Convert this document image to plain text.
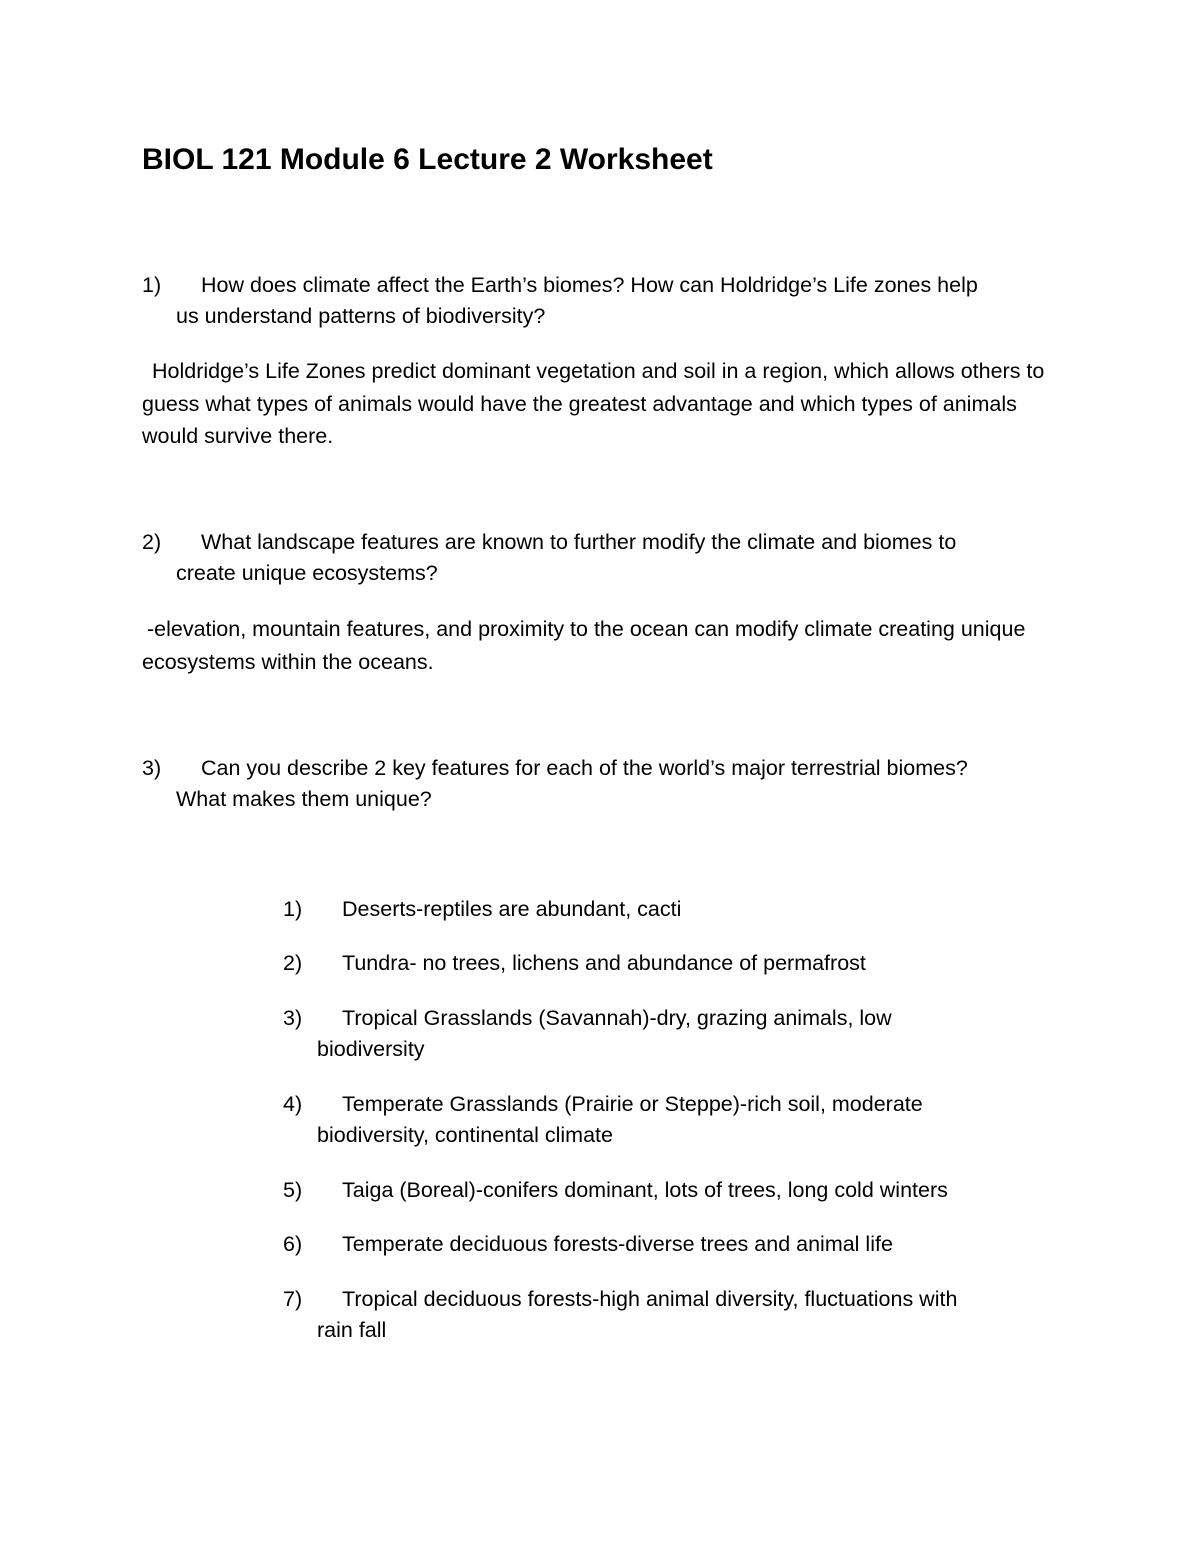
BIOL 121 Module 6 Lecture 2 Worksheet
1)	How does climate affect the Earth’s biomes? How can Holdridge’s Life zones help
us understand patterns of biodiversity?
Holdridge’s Life Zones predict dominant vegetation and soil in a region, which allows others to guess what types of animals would have the greatest advantage and which types of animals would survive there.
2)	What landscape features are known to further modify the climate and biomes to
create unique ecosystems?
-elevation, mountain features, and proximity to the ocean can modify climate creating unique ecosystems within the oceans.
3)	Can you describe 2 key features for each of the world’s major terrestrial biomes?
What makes them unique?
1)	Deserts-reptiles are abundant, cacti
2)	Tundra- no trees, lichens and abundance of permafrost
3)	Tropical Grasslands (Savannah)-dry, grazing animals, low
biodiversity
4)	Temperate Grasslands (Prairie or Steppe)-rich soil, moderate
biodiversity, continental climate
5)	Taiga (Boreal)-conifers dominant, lots of trees, long cold winters
6)	Temperate deciduous forests-diverse trees and animal life
7)	Tropical deciduous forests-high animal diversity, fluctuations with
rain fall
